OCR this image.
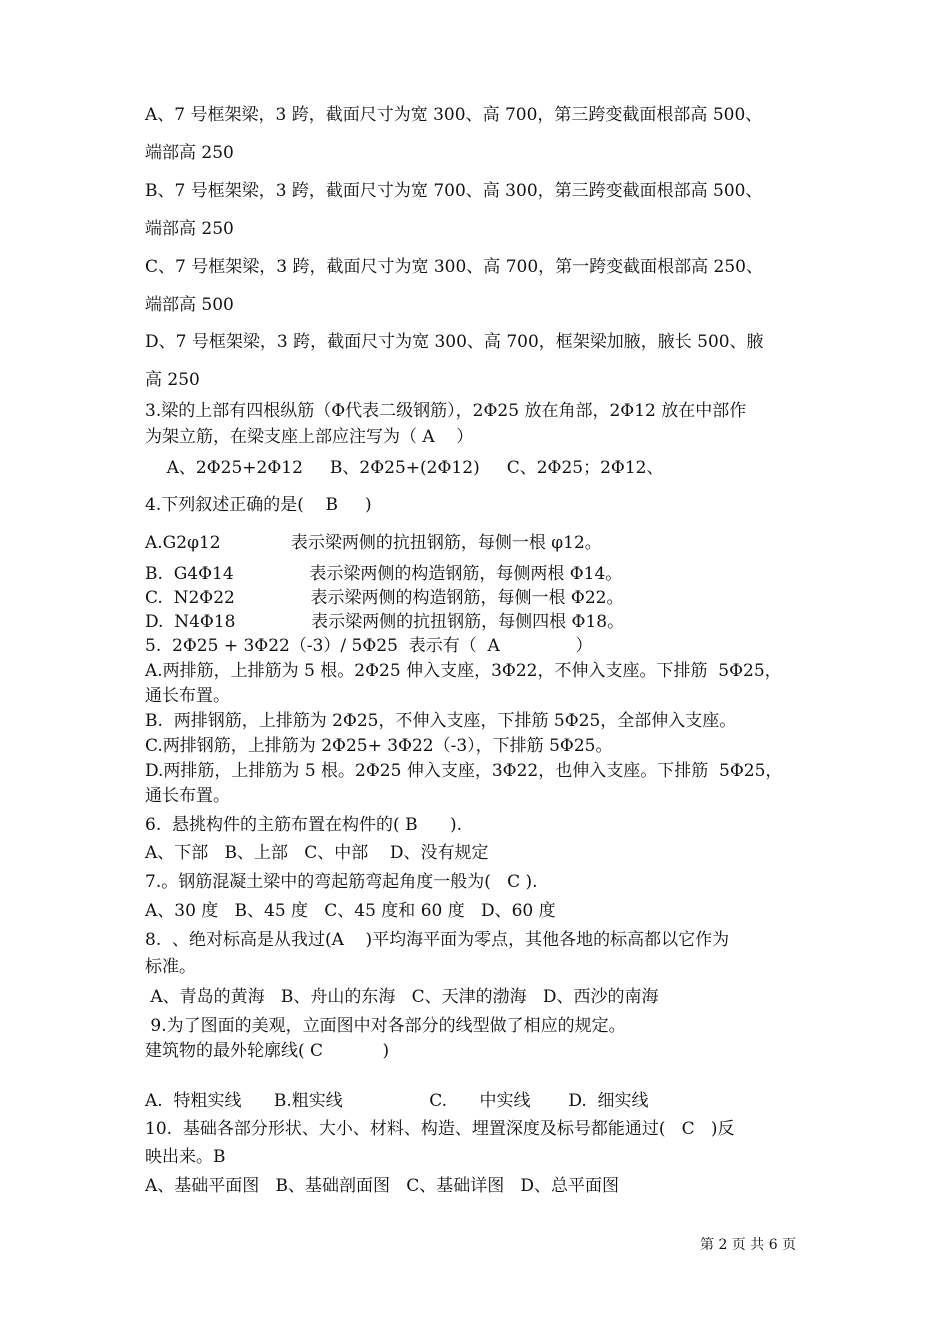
A、7 号框架梁，3 跨，截面尺寸为宽 300、高 700，第三跨变截面根部高 500、
端部高 250
B、7 号框架梁，3 跨，截面尺寸为宽 700、高 300，第三跨变截面根部高 500、
端部高 250
C、7 号框架梁，3 跨，截面尺寸为宽 300、高 700，第一跨变截面根部高 250、
端部高 500
D、7 号框架梁，3 跨，截面尺寸为宽 300、高 700，框架梁加腋，腋长 500、腋
高 250
3.梁的上部有四根纵筋（Φ代表二级钢筋），2Φ25 放在角部，2Φ12 放在中部作
为架立筋，在梁支座上部应注写为（ A    ）
A、2Φ25+2Φ12     B、2Φ25+(2Φ12)     C、2Φ25；2Φ12、
4.下列叙述正确的是(    B     )
A.G2φ12             表示梁两侧的抗扭钢筋，每侧一根 φ12。
B.  G4Φ14              表示梁两侧的构造钢筋，每侧两根 Φ14。
C.  N2Φ22              表示梁两侧的构造钢筋，每侧一根 Φ22。
D.  N4Φ18              表示梁两侧的抗扭钢筋，每侧四根 Φ18。
5.  2Φ25 + 3Φ22（-3）/ 5Φ25  表示有（  A              ）
A.两排筋，上排筋为 5 根。2Φ25 伸入支座，3Φ22，不伸入支座。下排筋  5Φ25，
通长布置。
B.  两排钢筋，上排筋为 2Φ25，不伸入支座，下排筋 5Φ25，全部伸入支座。
C.两排钢筋，上排筋为 2Φ25+ 3Φ22（-3），下排筋 5Φ25。
D.两排筋，上排筋为 5 根。2Φ25 伸入支座，3Φ22，也伸入支座。下排筋  5Φ25，
通长布置。
6.  悬挑构件的主筋布置在构件的( B      ).
A、下部   B、上部   C、中部    D、没有规定
7.。钢筋混凝土梁中的弯起筋弯起角度一般为(   C ).
A、30 度   B、45 度   C、45 度和 60 度   D、60 度
8.  、绝对标高是从我过(A    )平均海平面为零点，其他各地的标高都以它作为
标准。
A、青岛的黄海   B、舟山的东海   C、天津的渤海   D、西沙的南海
9.为了图面的美观，立面图中对各部分的线型做了相应的规定。
建筑物的最外轮廓线( C           )
A.  特粗实线      B.粗实线                C.      中实线       D.  细实线
10.  基础各部分形状、大小、材料、构造、埋置深度及标号都能通过(   C   )反
映出来。B
A、基础平面图   B、基础剖面图   C、基础详图   D、总平面图
第 2 页 共 6 页
